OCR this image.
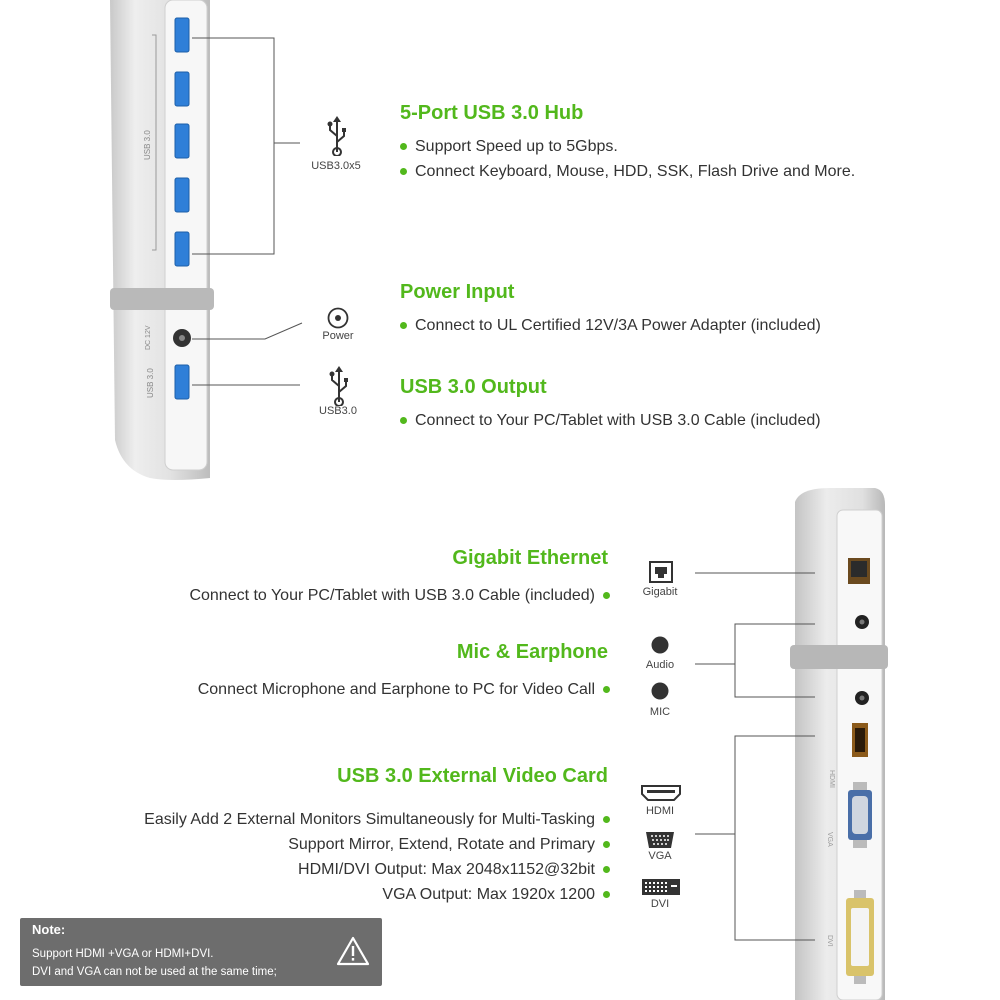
USB 3.0
DC 12V
USB 3.0
USB3.0x5
Power
USB3.0
5-Port USB 3.0 Hub
Support Speed up to 5Gbps.
Connect Keyboard, Mouse, HDD, SSK, Flash Drive and More.
Power Input
Connect to UL Certified 12V/3A Power Adapter (included)
USB 3.0 Output
Connect to Your PC/Tablet with USB 3.0 Cable (included)
HDMI
VGA
DVI
Gigabit
Audio
MIC
HDMI
VGA
DVI
Gigabit Ethernet
Connect to Your PC/Tablet with USB 3.0 Cable (included)
Mic & Earphone
Connect Microphone and Earphone to PC for Video Call
USB 3.0 External Video Card
Easily Add 2 External Monitors Simultaneously for Multi-Tasking
Support Mirror, Extend, Rotate and Primary
HDMI/DVI Output: Max 2048x1152@32bit
VGA Output: Max 1920x 1200
Note:
Support HDMI +VGA or HDMI+DVI.
DVI and VGA can not be used at the same time;
